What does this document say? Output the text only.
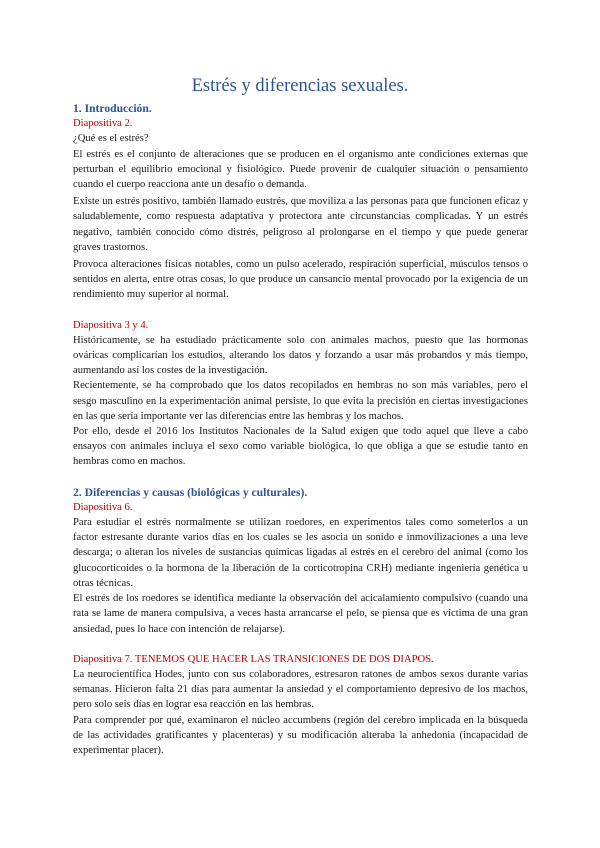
Estrés y diferencias sexuales.
1. Introducción.
Diapositiva 2.

¿Qué es el estrés?

El estrés es el conjunto de alteraciones que se producen en el organismo ante condiciones externas que perturban el equilibrio emocional y fisiológico. Puede provenir de cualquier situación o pensamiento cuando el cuerpo reacciona ante un desafío o demanda.

Existe un estrés positivo, también llamado eustrés, que moviliza a las personas para que funcionen eficaz y saludablemente, como respuesta adaptativa y protectora ante circunstancias complicadas. Y un estrés negativo, también conocido cómo distrés, peligroso al prolongarse en el tiempo y que puede generar graves trastornos.

Provoca alteraciones físicas notables, como un pulso acelerado, respiración superficial, músculos tensos o sentidos en alerta, entre otras cosas, lo que produce un cansancio mental provocado por la exigencia de un rendimiento muy superior al normal.

Diapositiva 3 y 4.

Históricamente, se ha estudiado prácticamente solo con animales machos, puesto que las hormonas ováricas complicarían los estudios, alterando los datos y forzando a usar más probandos y más tiempo, aumentando así los costes de la investigación.

Recientemente, se ha comprobado que los datos recopilados en hembras no son más variables, pero el sesgo masculino en la experimentación animal persiste, lo que evita la precisión en ciertas investigaciones en las que sería importante ver las diferencias entre las hembras y los machos.

Por ello, desde el 2016 los Institutos Nacionales de la Salud exigen que todo aquel que lleve a cabo ensayos con animales incluya el sexo como variable biológica, lo que obliga a que se estudie tanto en hembras como en machos.

2. Diferencias y causas (biológicas y culturales).
Diapositiva 6.

Para estudiar el estrés normalmente se utilizan roedores, en experimentos tales como someterlos a un factor estresante durante varios días en los cuales se les asocia un sonido e inmovilizaciones a una leve descarga; o alteran los niveles de sustancias químicas ligadas al estrés en el cerebro del animal (como los glucocorticoides o la hormona de la liberación de la corticotropina CRH) mediante ingeniería genética u otras técnicas.

El estrés de los roedores se identifica mediante la observación del acicalamiento compulsivo (cuando una rata se lame de manera compulsiva, a veces hasta arrancarse el pelo, se piensa que es víctima de una gran ansiedad, pues lo hace con intención de relajarse).

Diapositiva 7. TENEMOS QUE HACER LAS TRANSICIONES DE DOS DIAPOS.

La neurocientífica Hodes, junto con sus colaboradores, estresaron ratones de ambos sexos durante varias semanas. Hicieron falta 21 días para aumentar la ansiedad y el comportamiento depresivo de los machos, pero solo seis días en lograr esa reacción en las hembras.

Para comprender por qué, examinaron el núcleo accumbens (región del cerebro implicada en la búsqueda de las actividades gratificantes y placenteras) y su modificación alteraba la anhedonia (incapacidad de experimentar placer).
